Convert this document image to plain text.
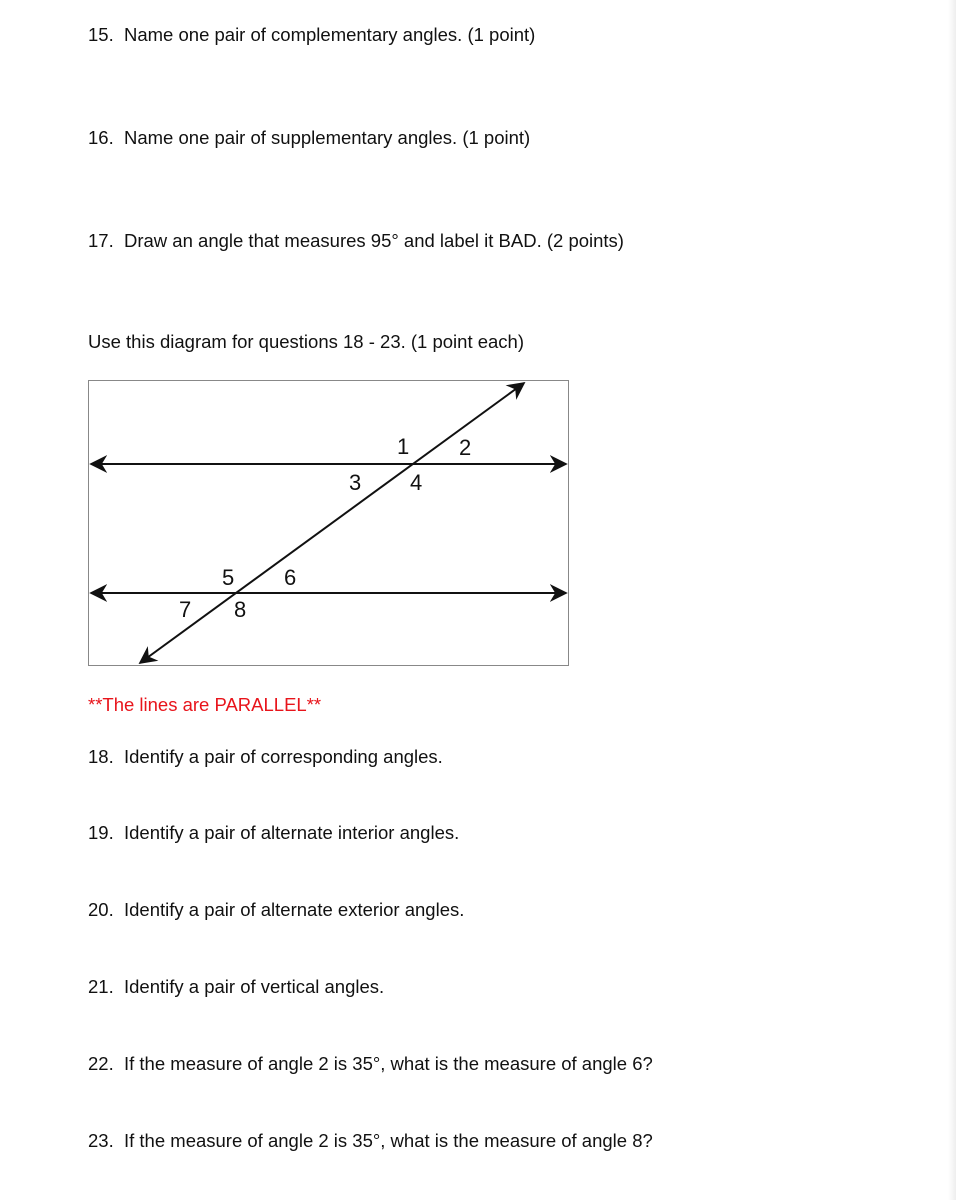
15. Name one pair of complementary angles. (1 point)
16. Name one pair of supplementary angles. (1 point)
17. Draw an angle that measures 95° and label it BAD. (2 points)
Use this diagram for questions 18 - 23. (1 point each)
1 2
3 4
5 6
7 8
**The lines are PARALLEL**
18. Identify a pair of corresponding angles.
19. Identify a pair of alternate interior angles.
20. Identify a pair of alternate exterior angles.
21. Identify a pair of vertical angles.
22. If the measure of angle 2 is 35°, what is the measure of angle 6?
23. If the measure of angle 2 is 35°, what is the measure of angle 8?
